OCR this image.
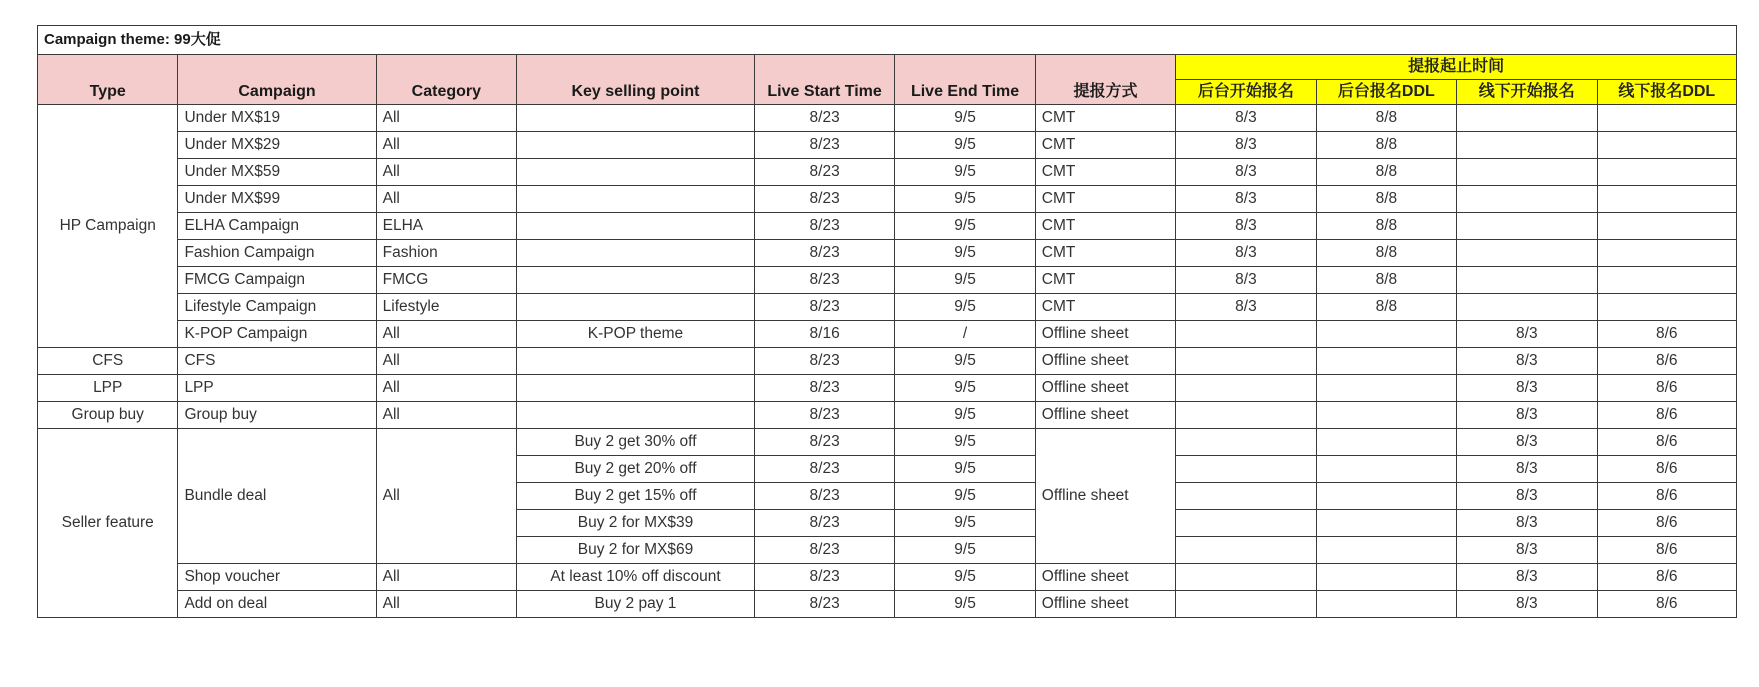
Campaign theme: 99大促										
Type	Campaign	Category	Key selling point	Live Start Time	Live End Time	提报方式	提报起止时间			
							后台开始报名	后台报名DDL	线下开始报名	线下报名DDL
HP Campaign	Under MX$19	All		8/23	9/5	CMT	8/3	8/8		
	Under MX$29	All		8/23	9/5	CMT	8/3	8/8		
	Under MX$59	All		8/23	9/5	CMT	8/3	8/8		
	Under MX$99	All		8/23	9/5	CMT	8/3	8/8		
	ELHA Campaign	ELHA		8/23	9/5	CMT	8/3	8/8		
	Fashion Campaign	Fashion		8/23	9/5	CMT	8/3	8/8		
	FMCG Campaign	FMCG		8/23	9/5	CMT	8/3	8/8		
	Lifestyle Campaign	Lifestyle		8/23	9/5	CMT	8/3	8/8		
	K-POP Campaign	All	K-POP theme	8/16	/	Offline sheet			8/3	8/6
CFS	CFS	All		8/23	9/5	Offline sheet			8/3	8/6
LPP	LPP	All		8/23	9/5	Offline sheet			8/3	8/6
Group buy	Group buy	All		8/23	9/5	Offline sheet			8/3	8/6
Seller feature	Bundle deal	All	Buy 2 get 30% off	8/23	9/5	Offline sheet			8/3	8/6
			Buy 2 get 20% off	8/23	9/5				8/3	8/6
			Buy 2 get 15% off	8/23	9/5				8/3	8/6
			Buy 2 for MX$39	8/23	9/5				8/3	8/6
			Buy 2 for MX$69	8/23	9/5				8/3	8/6
	Shop voucher	All	At least 10% off discount	8/23	9/5	Offline sheet			8/3	8/6
	Add on deal	All	Buy 2 pay 1	8/23	9/5	Offline sheet			8/3	8/6
